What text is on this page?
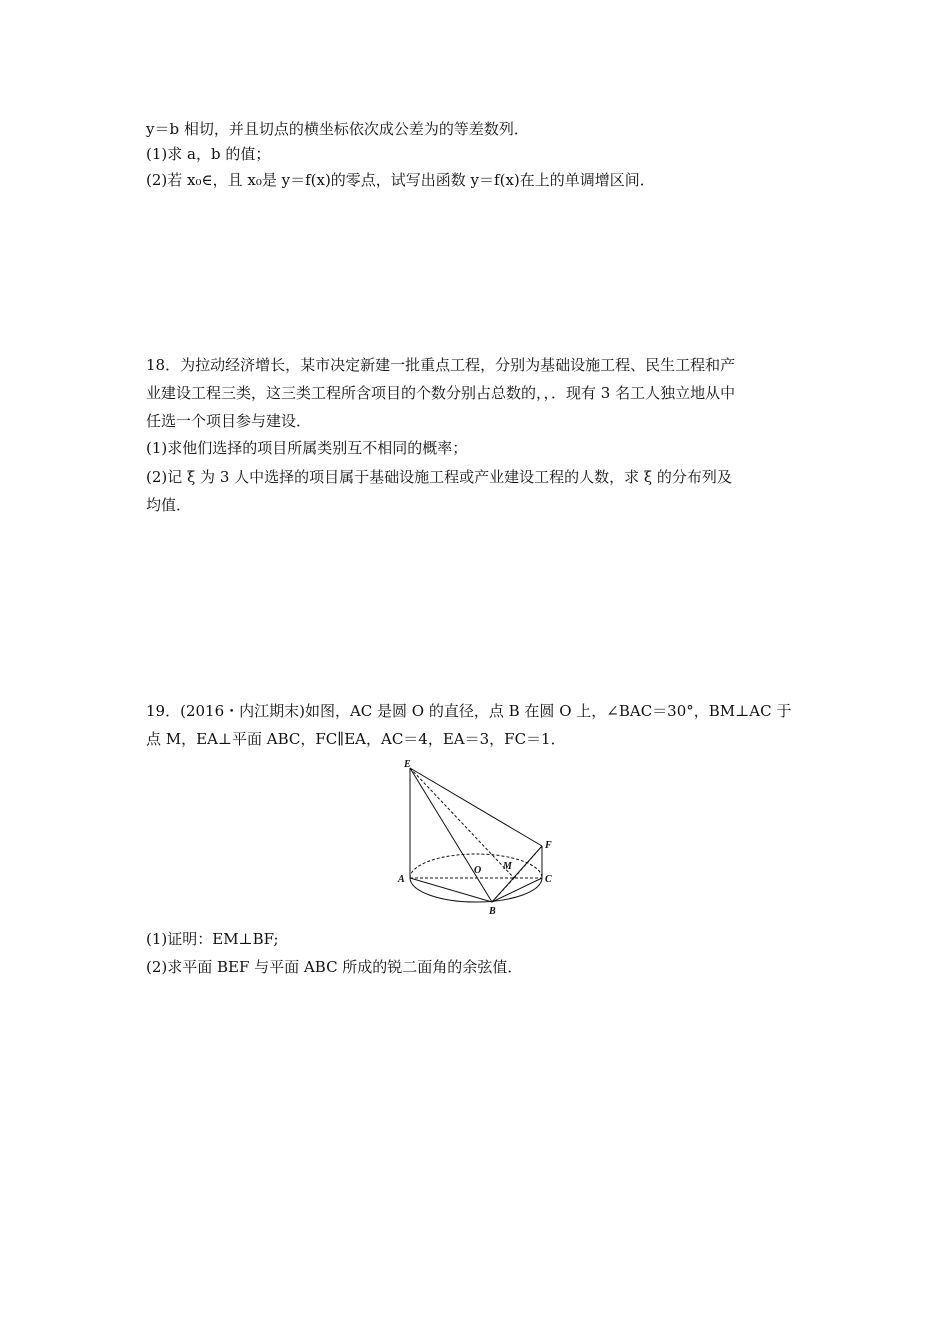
y＝b 相切，并且切点的横坐标依次成公差为的等差数列．
(1)求 a，b 的值；
(2)若 x₀∈，且 x₀是 y＝f(x)的零点，试写出函数 y＝f(x)在上的单调增区间．
18．为拉动经济增长，某市决定新建一批重点工程，分别为基础设施工程、民生工程和产
业建设工程三类，这三类工程所含项目的个数分别占总数的，，．现有 3 名工人独立地从中
任选一个项目参与建设．
(1)求他们选择的项目所属类别互不相同的概率；
(2)记 ξ 为 3 人中选择的项目属于基础设施工程或产业建设工程的人数，求 ξ 的分布列及
均值．
19．(2016・内江期末)如图，AC 是圆 O 的直径，点 B 在圆 O 上，∠BAC＝30°，BM⊥AC 于
点 M，EA⊥平面 ABC，FC∥EA，AC＝4，EA＝3，FC＝1．
E
F
A
O M
C
B
(1)证明：EM⊥BF;
(2)求平面 BEF 与平面 ABC 所成的锐二面角的余弦值．
